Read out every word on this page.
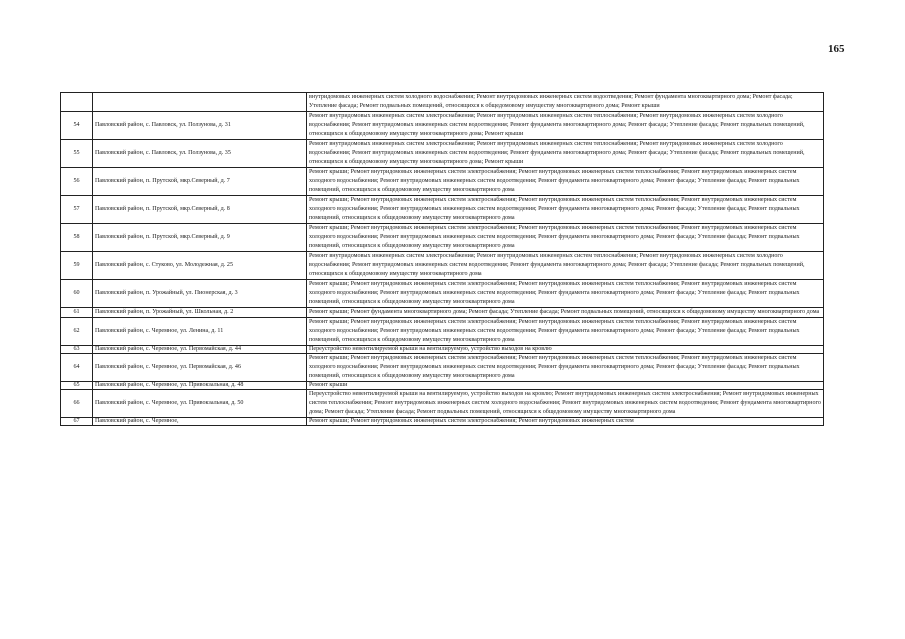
165
		внутридомовых инженерных систем холодного водоснабжения; Ремонт внутридомовых инженерных систем водоотведения; Ремонт фундамента многоквартирного дома; Ремонт фасада; Утепление фасада; Ремонт подвальных помещений, относящихся к общедомовому имуществу многоквартирного дома; Ремонт крыши
54	Павловский район, с. Павловск, ул. Ползунова, д. 31	Ремонт внутридомовых инженерных систем электроснабжения; Ремонт внутридомовых инженерных систем теплоснабжения; Ремонт внутридомовых инженерных систем холодного водоснабжения; Ремонт внутридомовых инженерных систем водоотведения; Ремонт фундамента многоквартирного дома; Ремонт фасада; Утепление фасада; Ремонт подвальных помещений, относящихся к общедомовому имуществу многоквартирного дома; Ремонт крыши
55	Павловский район, с. Павловск, ул. Ползунова, д. 35	Ремонт внутридомовых инженерных систем электроснабжения; Ремонт внутридомовых инженерных систем теплоснабжения; Ремонт внутридомовых инженерных систем холодного водоснабжения; Ремонт внутридомовых инженерных систем водоотведения; Ремонт фундамента многоквартирного дома; Ремонт фасада; Утепление фасада; Ремонт подвальных помещений, относящихся к общедомовому имуществу многоквартирного дома; Ремонт крыши
56	Павловский район, п. Прутской, мкр.Северный, д. 7	Ремонт крыши; Ремонт внутридомовых инженерных систем электроснабжения; Ремонт внутридомовых инженерных систем теплоснабжения; Ремонт внутридомовых инженерных систем холодного водоснабжения; Ремонт внутридомовых инженерных систем водоотведения; Ремонт фундамента многоквартирного дома; Ремонт фасада; Утепление фасада; Ремонт подвальных помещений, относящихся к общедомовому имуществу многоквартирного дома
57	Павловский район, п. Прутской, мкр.Северный, д. 8	Ремонт крыши; Ремонт внутридомовых инженерных систем электроснабжения; Ремонт внутридомовых инженерных систем теплоснабжения; Ремонт внутридомовых инженерных систем холодного водоснабжения; Ремонт внутридомовых инженерных систем водоотведения; Ремонт фундамента многоквартирного дома; Ремонт фасада; Утепление фасада; Ремонт подвальных помещений, относящихся к общедомовому имуществу многоквартирного дома
58	Павловский район, п. Прутской, мкр.Северный, д. 9	Ремонт крыши; Ремонт внутридомовых инженерных систем электроснабжения; Ремонт внутридомовых инженерных систем теплоснабжения; Ремонт внутридомовых инженерных систем холодного водоснабжения; Ремонт внутридомовых инженерных систем водоотведения; Ремонт фундамента многоквартирного дома; Ремонт фасада; Утепление фасада; Ремонт подвальных помещений, относящихся к общедомовому имуществу многоквартирного дома
59	Павловский район, с. Стуково, ул. Молодежная, д. 25	Ремонт внутридомовых инженерных систем электроснабжения; Ремонт внутридомовых инженерных систем теплоснабжения; Ремонт внутридомовых инженерных систем холодного водоснабжения; Ремонт внутридомовых инженерных систем водоотведения; Ремонт фундамента многоквартирного дома; Ремонт фасада; Утепление фасада; Ремонт подвальных помещений, относящихся к общедомовому имуществу многоквартирного дома
60	Павловский район, п. Урожайный, ул. Пионерская, д. 3	Ремонт крыши; Ремонт внутридомовых инженерных систем электроснабжения; Ремонт внутридомовых инженерных систем теплоснабжения; Ремонт внутридомовых инженерных систем холодного водоснабжения; Ремонт внутридомовых инженерных систем водоотведения; Ремонт фундамента многоквартирного дома; Ремонт фасада; Утепление фасада; Ремонт подвальных помещений, относящихся к общедомовому имуществу многоквартирного дома
61	Павловский район, п. Урожайный, ул. Школьная, д. 2	Ремонт крыши; Ремонт фундамента многоквартирного дома; Ремонт фасада; Утепление фасада; Ремонт подвальных помещений, относящихся к общедомовому имуществу многоквартирного дома
62	Павловский район, с. Черемное, ул. Ленина, д. 11	Ремонт крыши; Ремонт внутридомовых инженерных систем электроснабжения; Ремонт внутридомовых инженерных систем теплоснабжения; Ремонт внутридомовых инженерных систем холодного водоснабжения; Ремонт внутридомовых инженерных систем водоотведения; Ремонт фундамента многоквартирного дома; Ремонт фасада; Утепление фасада; Ремонт подвальных помещений, относящихся к общедомовому имуществу многоквартирного дома
63	Павловский район, с. Черемное, ул. Первомайская, д. 44	Переустройство невентилируемой крыши на вентилируемую, устройство выходов на кровлю
64	Павловский район, с. Черемное, ул. Первомайская, д. 46	Ремонт крыши; Ремонт внутридомовых инженерных систем электроснабжения; Ремонт внутридомовых инженерных систем теплоснабжения; Ремонт внутридомовых инженерных систем холодного водоснабжения; Ремонт внутридомовых инженерных систем водоотведения; Ремонт фундамента многоквартирного дома; Ремонт фасада; Утепление фасада; Ремонт подвальных помещений, относящихся к общедомовому имуществу многоквартирного дома
65	Павловский район, с. Черемное, ул. Привокзальная, д. 48	Ремонт крыши
66	Павловский район, с. Черемное, ул. Привокзальная, д. 50	Переустройство невентилируемой крыши на вентилируемую, устройство выходов на кровлю; Ремонт внутридомовых инженерных систем электроснабжения; Ремонт внутридомовых инженерных систем теплоснабжения; Ремонт внутридомовых инженерных систем холодного водоснабжения; Ремонт внутридомовых инженерных систем водоотведения; Ремонт фундамента многоквартирного дома; Ремонт фасада; Утепление фасада; Ремонт подвальных помещений, относящихся к общедомовому имуществу многоквартирного дома
67	Павловский район, с. Черемное,	Ремонт крыши; Ремонт внутридомовых инженерных систем электроснабжения; Ремонт внутридомовых инженерных систем
